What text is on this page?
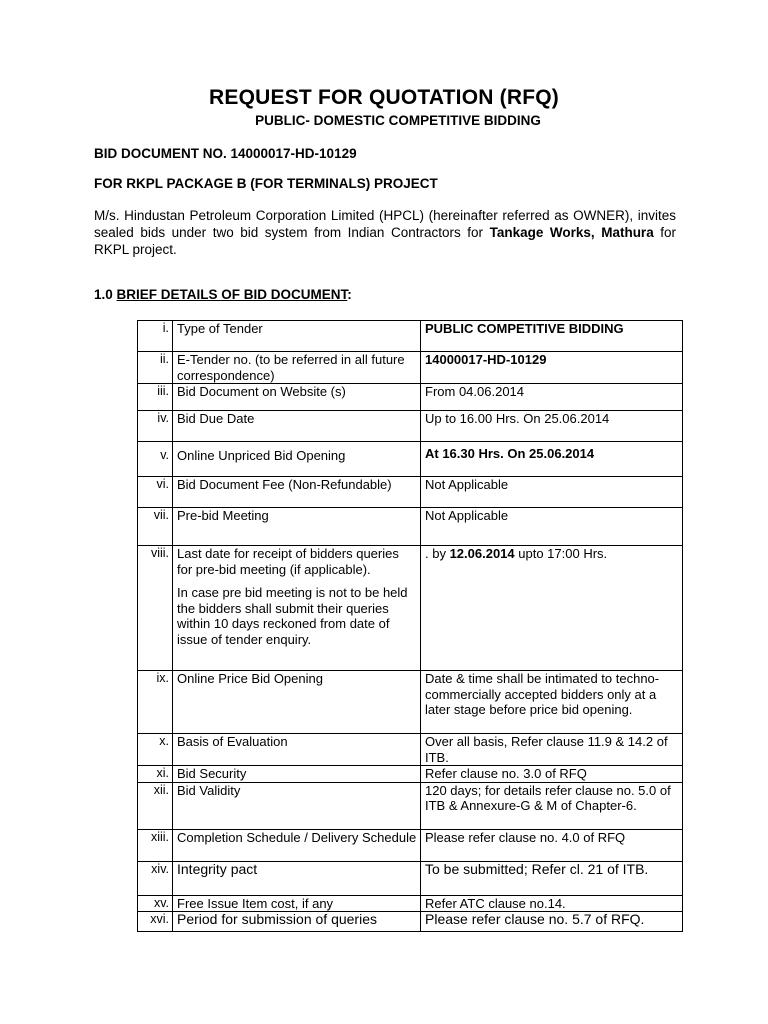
REQUEST FOR QUOTATION (RFQ)
PUBLIC- DOMESTIC COMPETITIVE BIDDING
BID DOCUMENT NO. 14000017-HD-10129
FOR RKPL PACKAGE B (FOR TERMINALS) PROJECT
M/s. Hindustan Petroleum Corporation Limited (HPCL) (hereinafter referred as OWNER), invites sealed bids under two bid system from Indian Contractors for Tankage Works, Mathura for RKPL project.
1.0 BRIEF DETAILS OF BID DOCUMENT:
i.	Type of Tender	PUBLIC COMPETITIVE BIDDING
ii.	E-Tender no. (to be referred in all future correspondence)	14000017-HD-10129
iii.	Bid Document on Website (s)	From 04.06.2014
iv.	Bid Due Date	Up to 16.00 Hrs. On 25.06.2014
v.	Online Unpriced Bid Opening	At 16.30 Hrs. On 25.06.2014
vi.	Bid Document Fee (Non-Refundable)	Not Applicable
vii.	Pre-bid Meeting	Not Applicable
viii.	Last date for receipt of bidders queries for pre-bid meeting (if applicable).
In case pre bid meeting is not to be held the bidders shall submit their queries within 10 days reckoned from date of issue of tender enquiry.	. by 12.06.2014 upto 17:00 Hrs.
ix.	Online Price Bid Opening	Date & time shall be intimated to techno-commercially accepted bidders only at a later stage before price bid opening.
x.	Basis of Evaluation	Over all basis, Refer clause 11.9 & 14.2 of ITB.
xi.	Bid Security	Refer clause no. 3.0 of RFQ
xii.	Bid Validity	120 days; for details refer clause no. 5.0 of ITB & Annexure-G & M of Chapter-6.
xiii.	Completion Schedule / Delivery Schedule	Please refer clause no. 4.0 of RFQ
xiv.	Integrity pact	To be submitted; Refer cl. 21 of ITB.
xv.	Free Issue Item cost, if any	Refer ATC clause no.14.
xvi.	Period for submission of queries	Please refer clause no. 5.7 of RFQ.
